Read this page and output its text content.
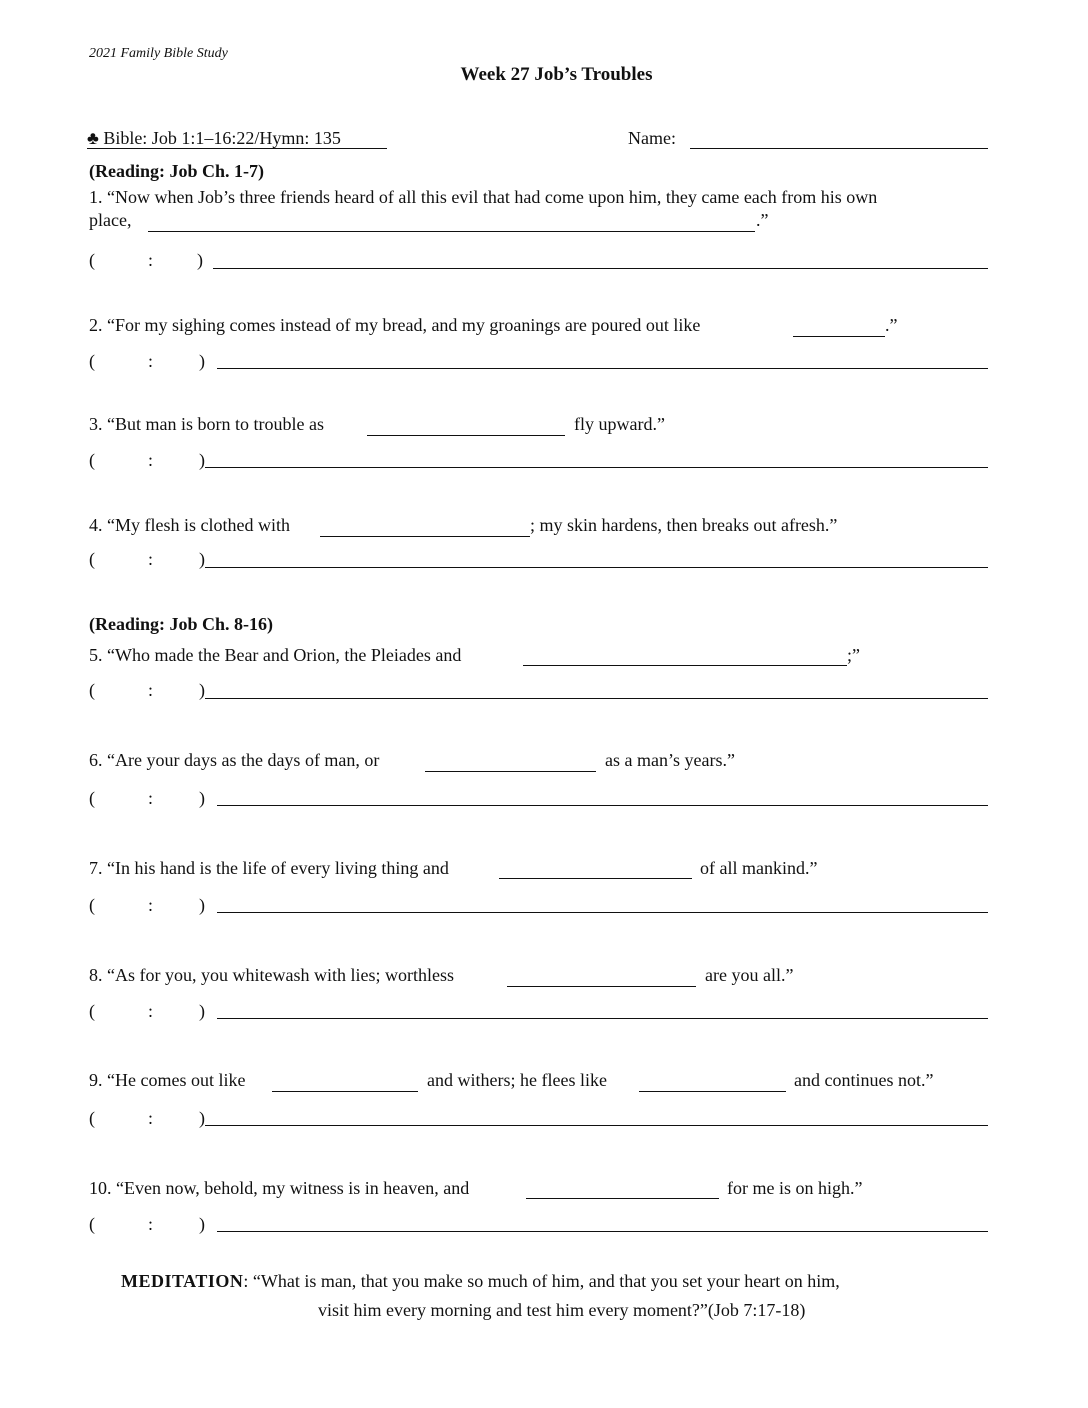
2021 Family Bible Study
Week 27 Job’s Troubles
♣ Bible: Job 1:1–16:22/Hymn: 135	Name:
(Reading: Job Ch. 1-7)
1. “Now when Job’s three friends heard of all this evil that had come upon him, they came each from his own
place,	.”
(	: )
2. “For my sighing comes instead of my bread, and my groanings are poured out like	.”
(	:	)
3. “But man is born to trouble as	fly upward.”
(	:	)
4. “My flesh is clothed with	; my skin hardens, then breaks out afresh.”
(	:	)
(Reading: Job Ch. 8-16)
5. “Who made the Bear and Orion, the Pleiades and	;”
(	:	)
6. “Are your days as the days of man, or	as a man’s years.”
(	:	)
7. “In his hand is the life of every living thing and	of all mankind.”
(	:	)
8. “As for you, you whitewash with lies; worthless	are you all.”
(	:	)
9. “He comes out like	and withers; he flees like	and continues not.”
(	:	)
10. “Even now, behold, my witness is in heaven, and	for me is on high.”
(	:	)
MEDITATION: “What is man, that you make so much of him, and that you set your heart on him,
visit him every morning and test him every moment?”(Job 7:17-18)
